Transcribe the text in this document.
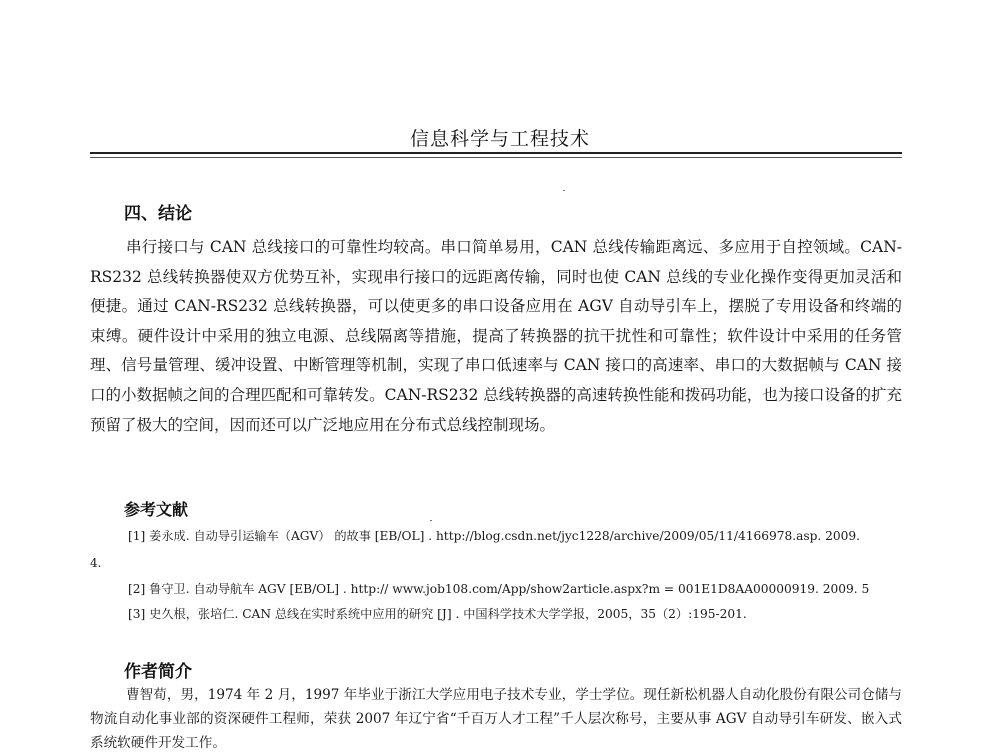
信息科学与工程技术
四、结论

串行接口与 CAN 总线接口的可靠性均较高。串口简单易用，CAN 总线传输距离远、多应用于自控领域。CAN-RS232 总线转换器使双方优势互补，实现串行接口的远距离传输，同时也使 CAN 总线的专业化操作变得更加灵活和便捷。通过 CAN-RS232 总线转换器，可以使更多的串口设备应用在 AGV 自动导引车上，摆脱了专用设备和终端的束缚。硬件设计中采用的独立电源、总线隔离等措施，提高了转换器的抗干扰性和可靠性；软件设计中采用的任务管理、信号量管理、缓冲设置、中断管理等机制，实现了串口低速率与 CAN 接口的高速率、串口的大数据帧与 CAN 接口的小数据帧之间的合理匹配和可靠转发。CAN-RS232 总线转换器的高速转换性能和拨码功能，也为接口设备的扩充预留了极大的空间，因而还可以广泛地应用在分布式总线控制现场。

参考文献
[1] 姜永成. 自动导引运输车（AGV） 的故事 [EB/OL] . http://blog.csdn.net/jyc1228/archive/2009/05/11/4166978.asp. 2009.
4.
[2] 鲁守卫. 自动导航车 AGV [EB/OL] . http:// www.job108.com/App/show2article.aspx?m = 001E1D8AA00000919. 2009. 5
[3] 史久根，张培仁. CAN 总线在实时系统中应用的研究 [J] . 中国科学技术大学学报，2005，35（2）:195-201.
作者简介

曹智荀，男，1974 年 2 月，1997 年毕业于浙江大学应用电子技术专业，学士学位。现任新松机器人自动化股份有限公司仓储与物流自动化事业部的资深硬件工程师，荣获 2007 年辽宁省“千百万人才工程”千人层次称号，主要从事 AGV 自动导引车研发、嵌入式系统软硬件开发工作。
